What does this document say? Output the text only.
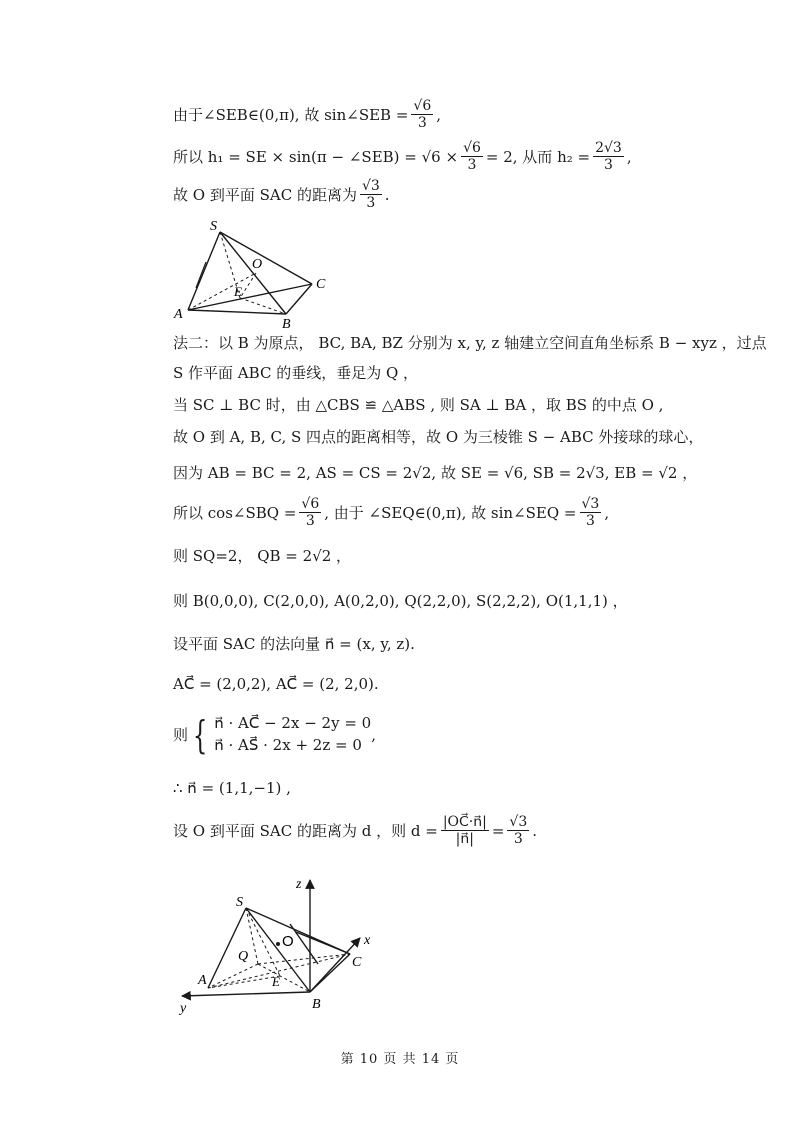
由于∠SEB∈(0,π), 故 sin∠SEB = $\frac{√6}{3}$ ,
所以 h₁ = SE × sin(π − ∠SEB) = $√6 \times \frac{√6}{3} = 2$, 从而 $h_2 = \frac{2√3}{3}$ ,
故 O 到平面 SAC 的距离为 $\frac{√3}{3}$ .
S
O
E
A
B
C
法二：以 B 为原点， BC, BA, BZ 分别为 x, y, z 轴建立空间直角坐标系 B − xyz ，过点
S 作平面 ABC 的垂线，垂足为 Q ，
当 SC ⊥ BC 时，由 △CBS ≌ △ABS , 则 SA ⊥ BA ，取 BS 的中点 O ,
故 O 到 A, B, C, S 四点的距离相等，故 O 为三棱锥 S − ABC 外接球的球心，
因为 AB = BC = 2, AS = CS = 2√2, 故 SE = √6, SB = 2√3, EB = √2 ，
所以 cos∠SBQ = $\frac{√6}{3}$ , 由于 ∠SEQ∈(0,π), 故 sin∠SEQ = $\frac{√3}{3}$ ,
则 SQ=2， QB = 2√2 ，
则 B(0,0,0), C(2,0,0), A(0,2,0), Q(2,2,0), S(2,2,2), O(1,1,1) ，
设平面 SAC 的法向量 n⃗ = (x, y, z).
AC⃗ = (2,0,2), AC⃗ = (2, 2,0).
则 { n⃗ · AC⃗ − 2x − 2y = 0
n⃗ · AS⃗ · 2x + 2z = 0
,
∴ n⃗ = (1,1,−1) ,
设 O 到平面 SAC 的距离为 d ，则 $d = \frac{|OC⃗\cdot n⃗|}{|n⃗|} = \frac{√3}{3}$ .
z
x
y
S
O
Q
E
A
B
C
第 10 页 共 14 页
